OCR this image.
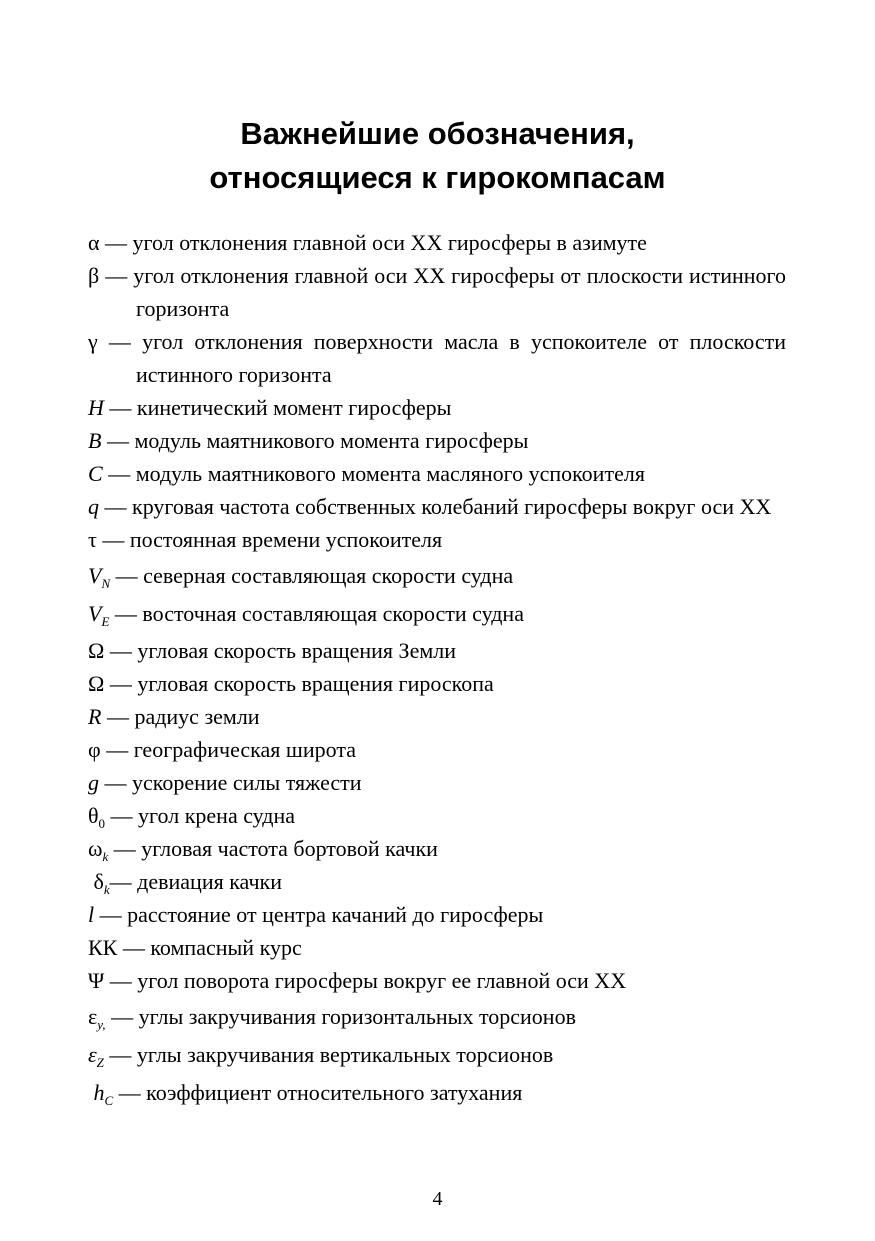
Важнейшие обозначения,
относящиеся к гирокомпасам
α — угол отклонения главной оси XX гиросферы в азимуте
β — угол отклонения главной оси XX гиросферы от плоскости истинного горизонта
γ — угол отклонения поверхности масла в успокоителе от плоскости истинного горизонта
H — кинетический момент гиросферы
B — модуль маятникового момента гиросферы
C — модуль маятникового момента масляного успокоителя
q — круговая частота собственных колебаний гиросферы вокруг оси XX
τ — постоянная времени успокоителя
$V_N$ — северная составляющая скорости судна
$V_E$ — восточная составляющая скорости судна
Ω — угловая скорость вращения Земли
Ω — угловая скорость вращения гироскопа
R — радиус земли
φ — географическая широта
g — ускорение силы тяжести
$\theta_0$ — угол крена судна
$\omega_k$ — угловая частота бортовой качки
$\delta_k—$ девиация качки
l — расстояние от центра качаний до гиросферы
КК — компасный курс
Ψ — угол поворота гиросферы вокруг ее главной оси XX
$\varepsilon_{y,}$ — углы закручивания горизонтальных торсионов
$\varepsilon_Z$ — углы закручивания вертикальных торсионов
$h_C$ — коэффициент относительного затухания
4
